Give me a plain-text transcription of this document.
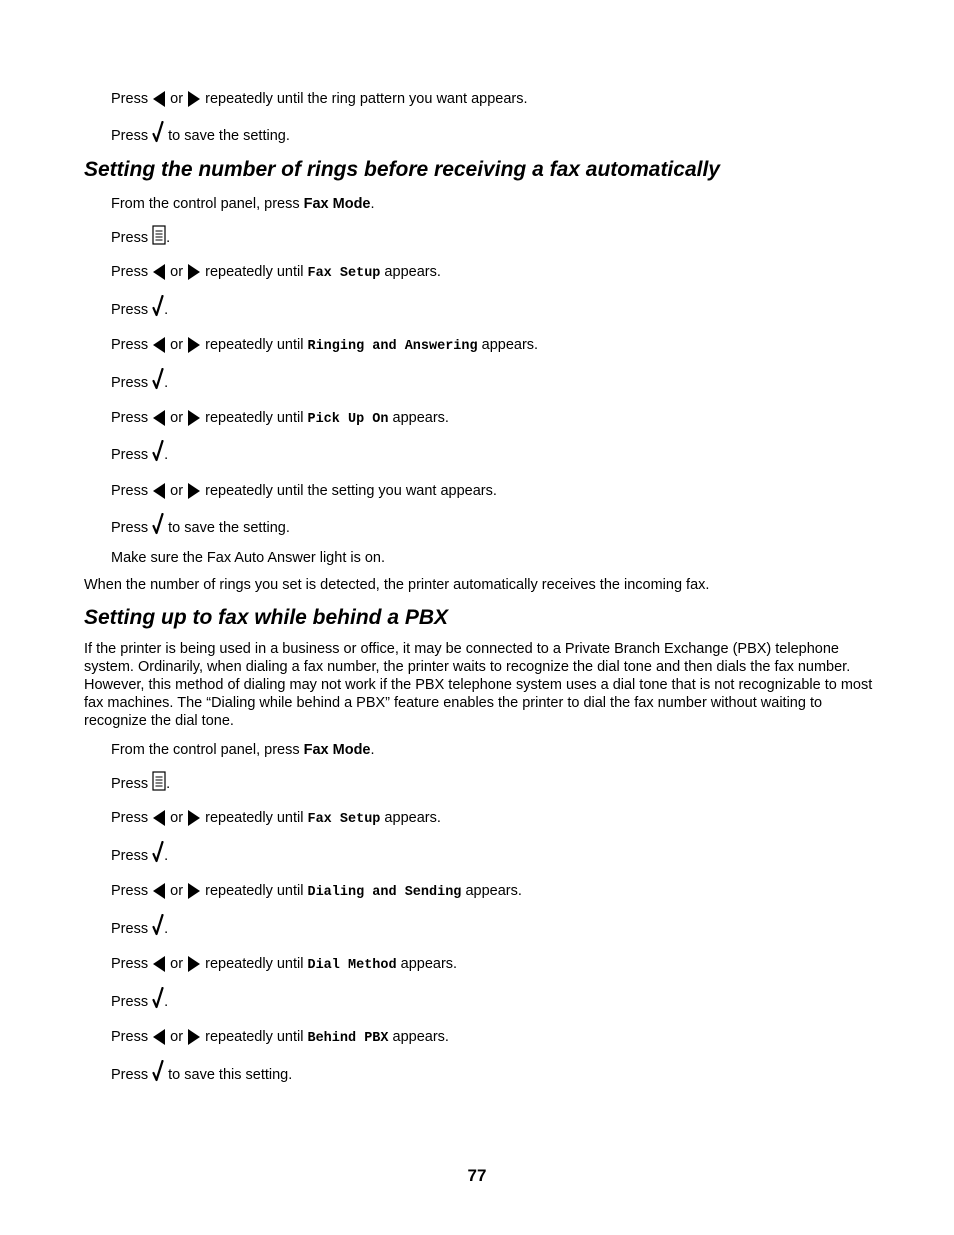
Press or repeatedly until the ring pattern you want appears.
Press to save the setting.
Setting the number of rings before receiving a fax automatically
From the control panel, press Fax Mode.
Press .
Press or repeatedly until Fax Setup appears.
Press .
Press or repeatedly until Ringing and Answering appears.
Press .
Press or repeatedly until Pick Up On appears.
Press .
Press or repeatedly until the setting you want appears.
Press to save the setting.
Make sure the Fax Auto Answer light is on.

When the number of rings you set is detected, the printer automatically receives the incoming fax.

Setting up to fax while behind a PBX

If the printer is being used in a business or office, it may be connected to a Private Branch Exchange (PBX) telephone system. Ordinarily, when dialing a fax number, the printer waits to recognize the dial tone and then dials the fax number. However, this method of dialing may not work if the PBX telephone system uses a dial tone that is not recognizable to most fax machines. The “Dialing while behind a PBX” feature enables the printer to dial the fax number without waiting to recognize the dial tone.

From the control panel, press Fax Mode.
Press .
Press or repeatedly until Fax Setup appears.
Press .
Press or repeatedly until Dialing and Sending appears.
Press .
Press or repeatedly until Dial Method appears.
Press .
Press or repeatedly until Behind PBX appears.
Press to save this setting.
77
